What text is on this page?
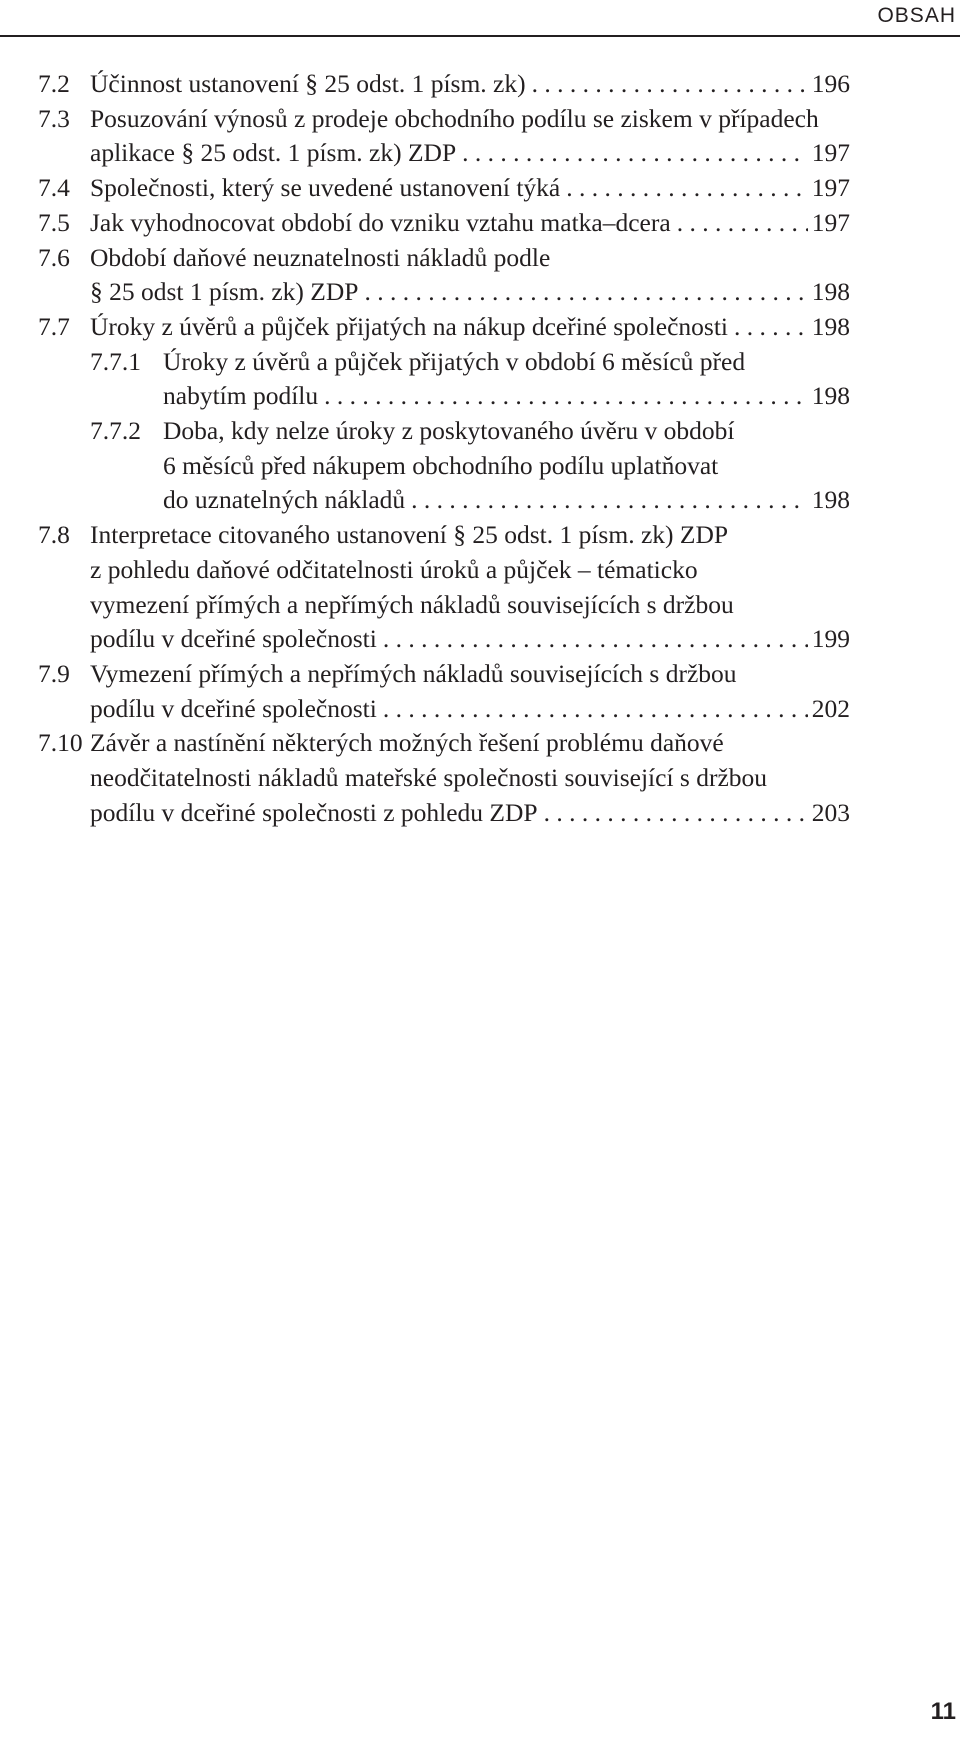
OBSAH
7.2 Účinnost ustanovení § 25 odst. 1 písm. zk) . . .	196
7.3 Posuzování výnosů z prodeje obchodního podílu se ziskem v případech
aplikace § 25 odst. 1 písm. zk) ZDP . . .	197
7.4 Společnosti, který se uvedené ustanovení týká . . .	197
7.5 Jak vyhodnocovat období do vzniku vztahu matka–dcera . . .	197
7.6 Období daňové neuznatelnosti nákladů podle
§ 25 odst 1 písm. zk) ZDP . . .	198
7.7 Úroky z úvěrů a půjček přijatých na nákup dceřiné společnosti . . .	198
7.7.1 Úroky z úvěrů a půjček přijatých v období 6 měsíců před
nabytím podílu . . .	198
7.7.2 Doba, kdy nelze úroky z poskytovaného úvěru v období
6 měsíců před nákupem obchodního podílu uplatňovat
do uznatelných nákladů . . .	198
7.8 Interpretace citovaného ustanovení § 25 odst. 1 písm. zk) ZDP
z pohledu daňové odčitatelnosti úroků a půjček – tématicko
vymezení přímých a nepřímých nákladů souvisejících s držbou
podílu v dceřiné společnosti . . .	199
7.9 Vymezení přímých a nepřímých nákladů souvisejících s držbou
podílu v dceřiné společnosti . . .	202
7.10 Závěr a nastínění některých možných řešení problému daňové
neodčitatelnosti nákladů mateřské společnosti související s držbou
podílu v dceřiné společnosti z pohledu ZDP . . .	203
11
